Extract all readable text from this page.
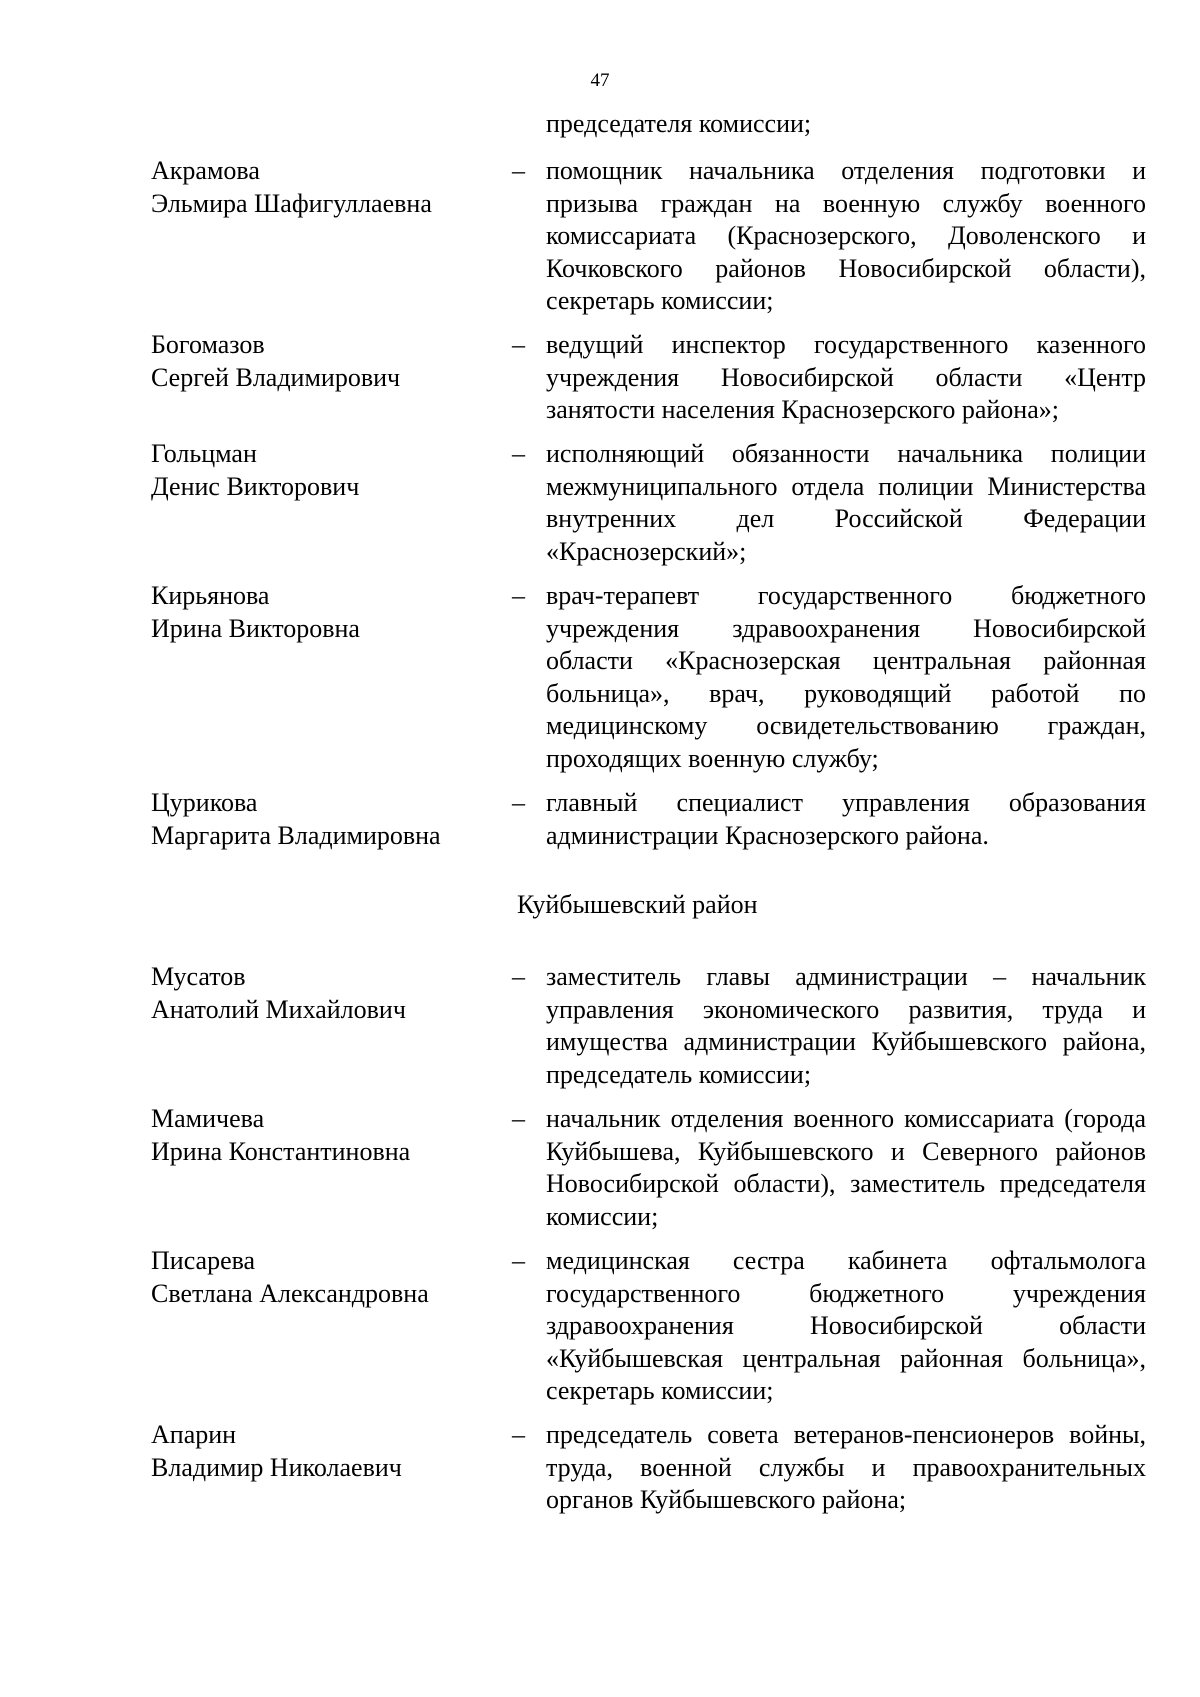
47
председателя комиссии;
Акрамова
Эльмира Шафигуллаевна
– помощник начальника отделения подготовки и призыва граждан на военную службу военного комиссариата (Краснозерского, Доволенского и Кочковского районов Новосибирской области), секретарь комиссии;
Богомазов
Сергей Владимирович
– ведущий инспектор государственного казенного учреждения Новосибирской области «Центр занятости населения Краснозерского района»;
Гольцман
Денис Викторович
– исполняющий обязанности начальника полиции межмуниципального отдела полиции Министерства внутренних дел Российской Федерации «Краснозерский»;
Кирьянова
Ирина Викторовна
– врач-терапевт государственного бюджетного учреждения здравоохранения Новосибирской области «Краснозерская центральная районная больница», врач, руководящий работой по медицинскому освидетельствованию граждан, проходящих военную службу;
Цурикова
Маргарита Владимировна
– главный специалист управления образования администрации Краснозерского района.
Куйбышевский район
Мусатов
Анатолий Михайлович
– заместитель главы администрации – начальник управления экономического развития, труда и имущества администрации Куйбышевского района, председатель комиссии;
Мамичева
Ирина Константиновна
– начальник отделения военного комиссариата (города Куйбышева, Куйбышевского и Северного районов Новосибирской области), заместитель председателя комиссии;
Писарева
Светлана Александровна
– медицинская сестра кабинета офтальмолога государственного бюджетного учреждения здравоохранения Новосибирской области «Куйбышевская центральная районная больница», секретарь комиссии;
Апарин
Владимир Николаевич
– председатель совета ветеранов-пенсионеров войны, труда, военной службы и правоохранительных органов Куйбышевского района;
